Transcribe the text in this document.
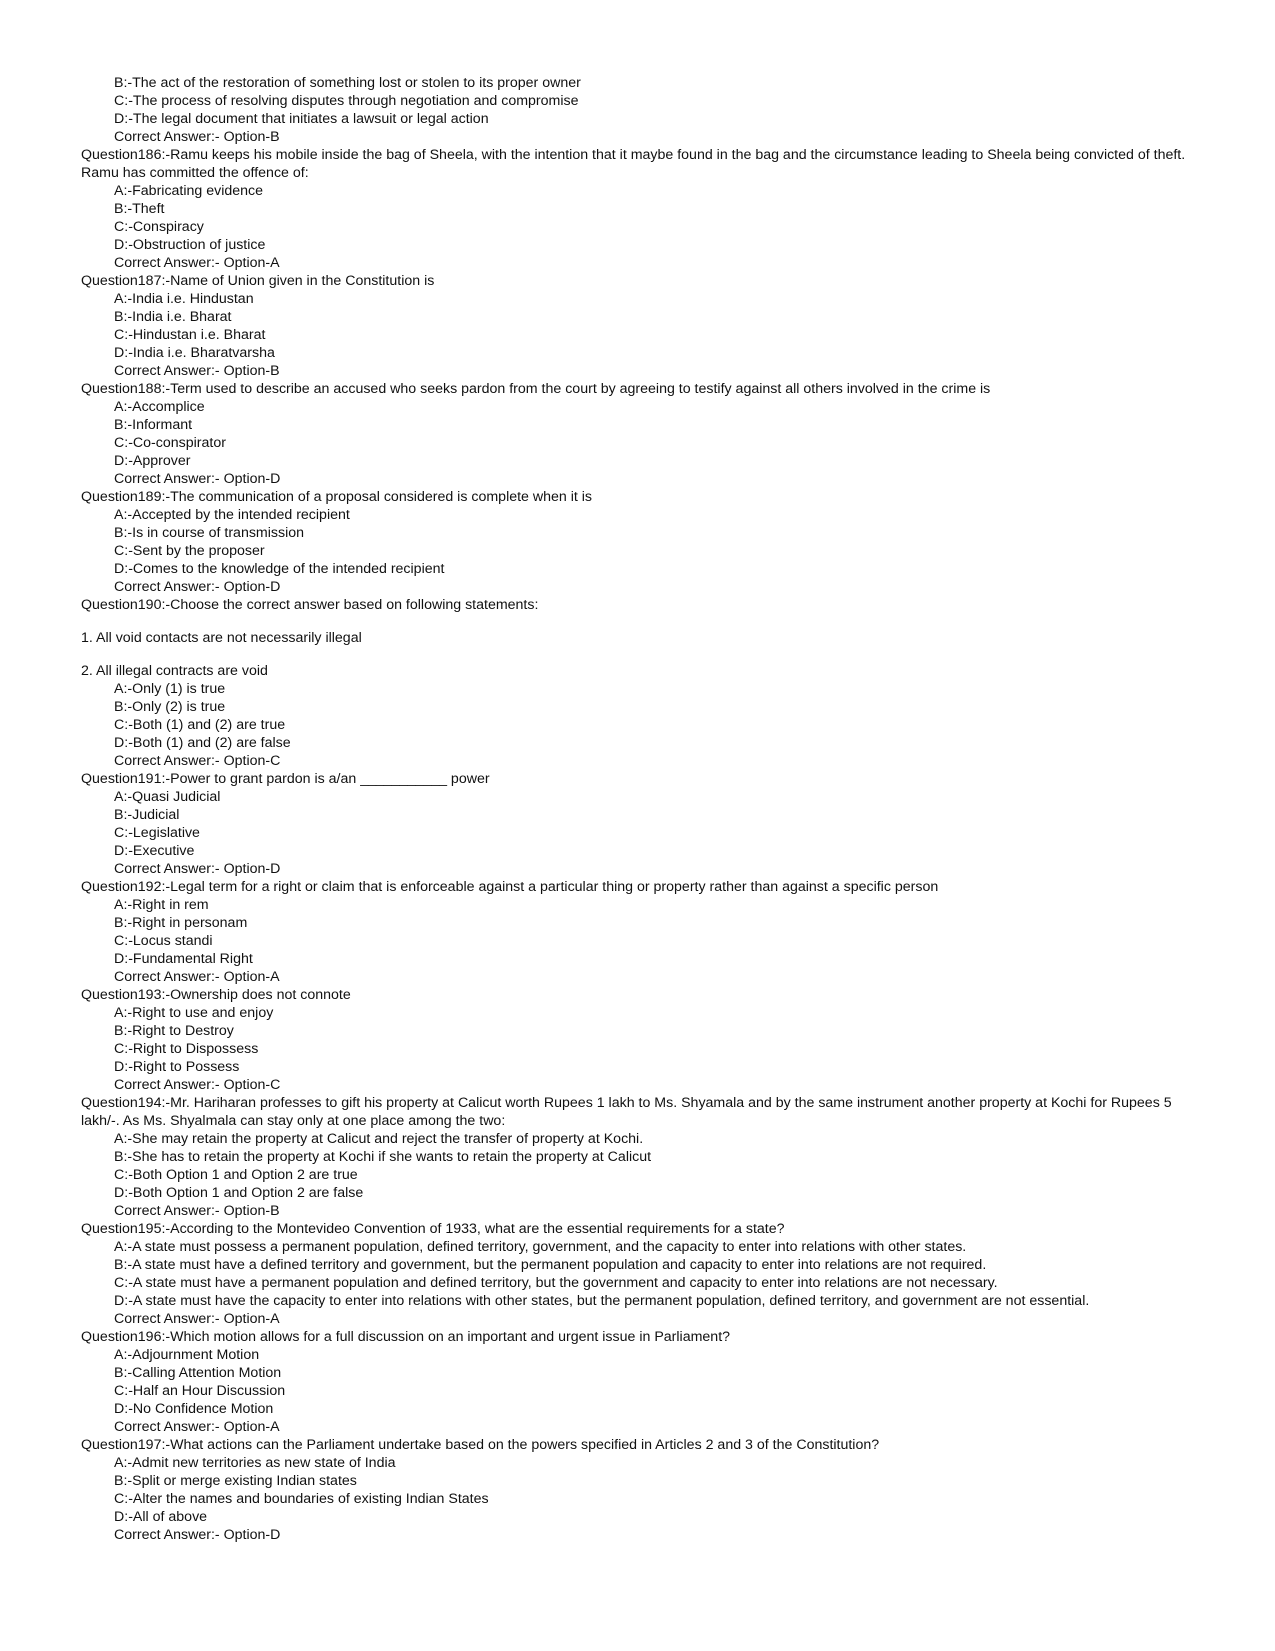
B:-The act of the restoration of something lost or stolen to its proper owner

C:-The process of resolving disputes through negotiation and compromise

D:-The legal document that initiates a lawsuit or legal action

Correct Answer:- Option-B

Question186:-Ramu keeps his mobile inside the bag of Sheela, with the intention that it maybe found in the bag and the circumstance leading to Sheela being convicted of theft. Ramu has committed the offence of:

A:-Fabricating evidence

B:-Theft

C:-Conspiracy

D:-Obstruction of justice

Correct Answer:- Option-A

Question187:-Name of Union given in the Constitution is

A:-India i.e. Hindustan

B:-India i.e. Bharat

C:-Hindustan i.e. Bharat

D:-India i.e. Bharatvarsha

Correct Answer:- Option-B

Question188:-Term used to describe an accused who seeks pardon from the court by agreeing to testify against all others involved in the crime is

A:-Accomplice

B:-Informant

C:-Co-conspirator

D:-Approver

Correct Answer:- Option-D

Question189:-The communication of a proposal considered is complete when it is

A:-Accepted by the intended recipient

B:-Is in course of transmission

C:-Sent by the proposer

D:-Comes to the knowledge of the intended recipient

Correct Answer:- Option-D

Question190:-Choose the correct answer based on following statements:

1. All void contacts are not necessarily illegal

2. All illegal contracts are void

A:-Only (1) is true

B:-Only (2) is true

C:-Both (1) and (2) are true

D:-Both (1) and (2) are false

Correct Answer:- Option-C

Question191:-Power to grant pardon is a/an ___________ power

A:-Quasi Judicial

B:-Judicial

C:-Legislative

D:-Executive

Correct Answer:- Option-D

Question192:-Legal term for a right or claim that is enforceable against a particular thing or property rather than against a specific person

A:-Right in rem

B:-Right in personam

C:-Locus standi

D:-Fundamental Right

Correct Answer:- Option-A

Question193:-Ownership does not connote

A:-Right to use and enjoy

B:-Right to Destroy

C:-Right to Dispossess

D:-Right to Possess

Correct Answer:- Option-C

Question194:-Mr. Hariharan professes to gift his property at Calicut worth Rupees 1 lakh to Ms. Shyamala and by the same instrument another property at Kochi for Rupees 5 lakh/-. As Ms. Shyalmala can stay only at one place among the two:

A:-She may retain the property at Calicut and reject the transfer of property at Kochi.

B:-She has to retain the property at Kochi if she wants to retain the property at Calicut

C:-Both Option 1 and Option 2 are true

D:-Both Option 1 and Option 2 are false

Correct Answer:- Option-B

Question195:-According to the Montevideo Convention of 1933, what are the essential requirements for a state?

A:-A state must possess a permanent population, defined territory, government, and the capacity to enter into relations with other states.

B:-A state must have a defined territory and government, but the permanent population and capacity to enter into relations are not required.

C:-A state must have a permanent population and defined territory, but the government and capacity to enter into relations are not necessary.

D:-A state must have the capacity to enter into relations with other states, but the permanent population, defined territory, and government are not essential.

Correct Answer:- Option-A

Question196:-Which motion allows for a full discussion on an important and urgent issue in Parliament?

A:-Adjournment Motion

B:-Calling Attention Motion

C:-Half an Hour Discussion

D:-No Confidence Motion

Correct Answer:- Option-A

Question197:-What actions can the Parliament undertake based on the powers specified in Articles 2 and 3 of the Constitution?

A:-Admit new territories as new state of India

B:-Split or merge existing Indian states

C:-Alter the names and boundaries of existing Indian States

D:-All of above

Correct Answer:- Option-D
